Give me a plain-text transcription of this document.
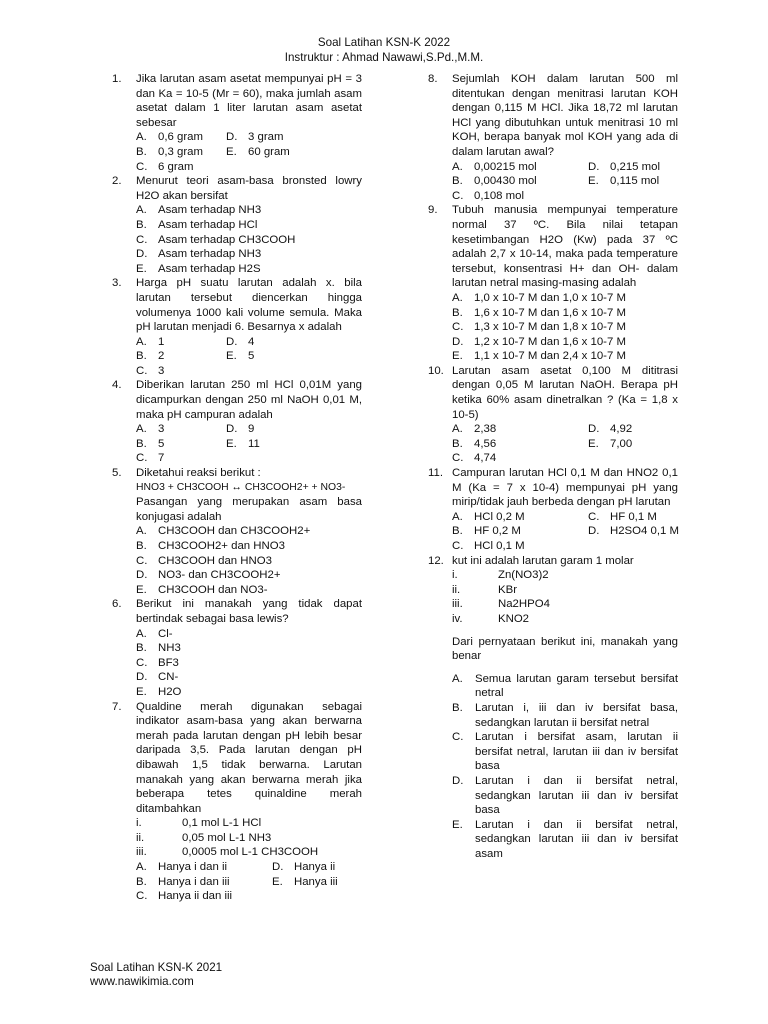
Soal Latihan KSN-K 2022
Instruktur : Ahmad Nawawi,S.Pd.,M.M.
1. Jika larutan asam asetat mempunyai pH = 3 dan Ka = 10-5 (Mr = 60), maka jumlah asam asetat dalam 1 liter larutan asam asetat sebesar
A. 0,6 gram	D. 3 gram
B. 0,3 gram	E. 60 gram
C. 6 gram
2. Menurut teori asam-basa bronsted lowry H2O akan bersifat
A. Asam terhadap NH3
B. Asam terhadap HCl
C. Asam terhadap CH3COOH
D. Asam terhadap NH3
E. Asam terhadap H2S
3. Harga pH suatu larutan adalah x. bila larutan tersebut diencerkan hingga volumenya 1000 kali volume semula. Maka pH larutan menjadi 6. Besarnya x adalah
A. 1	D. 4
B. 2	E. 5
C. 3
4. Diberikan larutan 250 ml HCl 0,01M yang dicampurkan dengan 250 ml NaOH 0,01 M, maka pH campuran adalah
A. 3	D. 9
B. 5	E. 11
C. 7
5. Diketahui reaksi berikut :
HNO3 + CH3COOH ↔ CH3COOH2+ + NO3-
Pasangan yang merupakan asam basa konjugasi adalah
A. CH3COOH dan CH3COOH2+
B. CH3COOH2+ dan HNO3
C. CH3COOH dan HNO3
D. NO3- dan CH3COOH2+
E. CH3COOH dan NO3-
6. Berikut ini manakah yang tidak dapat bertindak sebagai basa lewis?
A. Cl-
B. NH3
C. BF3
D. CN-
E. H2O
7. Qualdine merah digunakan sebagai indikator asam-basa yang akan berwarna merah pada larutan dengan pH lebih besar daripada 3,5. Pada larutan dengan pH dibawah 1,5 tidak berwarna. Larutan manakah yang akan berwarna merah jika beberapa tetes quinaldine merah ditambahkan
i.	0,1 mol L-1 HCl
ii.	0,05 mol L-1 NH3
iii.	0,0005 mol L-1 CH3COOH
A. Hanya i dan ii	D. Hanya ii
B. Hanya i dan iii	E. Hanya iii
C. Hanya ii dan iii
8. Sejumlah KOH dalam larutan 500 ml ditentukan dengan menitrasi larutan KOH dengan 0,115 M HCl. Jika 18,72 ml larutan HCl yang dibutuhkan untuk menitrasi 10 ml KOH, berapa banyak mol KOH yang ada di dalam larutan awal?
A. 0,00215 mol	D. 0,215 mol
B. 0,00430 mol	E. 0,115 mol
C. 0,108 mol
9. Tubuh manusia mempunyai temperature normal 37 ºC. Bila nilai tetapan kesetimbangan H2O (Kw) pada 37 ºC adalah 2,7 x 10-14, maka pada temperature tersebut, konsentrasi H+ dan OH- dalam larutan netral masing-masing adalah
A. 1,0 x 10-7 M dan 1,0 x 10-7 M
B. 1,6 x 10-7 M dan 1,6 x 10-7 M
C. 1,3 x 10-7 M dan 1,8 x 10-7 M
D. 1,2 x 10-7 M dan 1,6 x 10-7 M
E. 1,1 x 10-7 M dan 2,4 x 10-7 M
10. Larutan asam asetat 0,100 M dititrasi dengan 0,05 M larutan NaOH. Berapa pH ketika 60% asam dinetralkan ? (Ka = 1,8 x 10-5)
A. 2,38	D. 4,92
B. 4,56	E. 7,00
C. 4,74
11. Campuran larutan HCl 0,1 M dan HNO2 0,1 M (Ka = 7 x 10-4) mempunyai pH yang mirip/tidak jauh berbeda dengan pH larutan
A. HCl 0,2 M	C. HF 0,1 M
B. HF 0,2 M	D. H2SO4 0,1 M
C. HCl 0,1 M
12. kut ini adalah larutan garam 1 molar
i.	Zn(NO3)2
ii.	KBr
iii.	Na2HPO4
iv.	KNO2
Dari pernyataan berikut ini, manakah yang benar
A. Semua larutan garam tersebut bersifat netral
B. Larutan i, iii dan iv bersifat basa, sedangkan larutan ii bersifat netral
C. Larutan i bersifat asam, larutan ii bersifat netral, larutan iii dan iv bersifat basa
D. Larutan i dan ii bersifat netral, sedangkan larutan iii dan iv bersifat basa
E. Larutan i dan ii bersifat netral, sedangkan larutan iii dan iv bersifat asam
Soal Latihan KSN-K 2021
www.nawikimia.com
